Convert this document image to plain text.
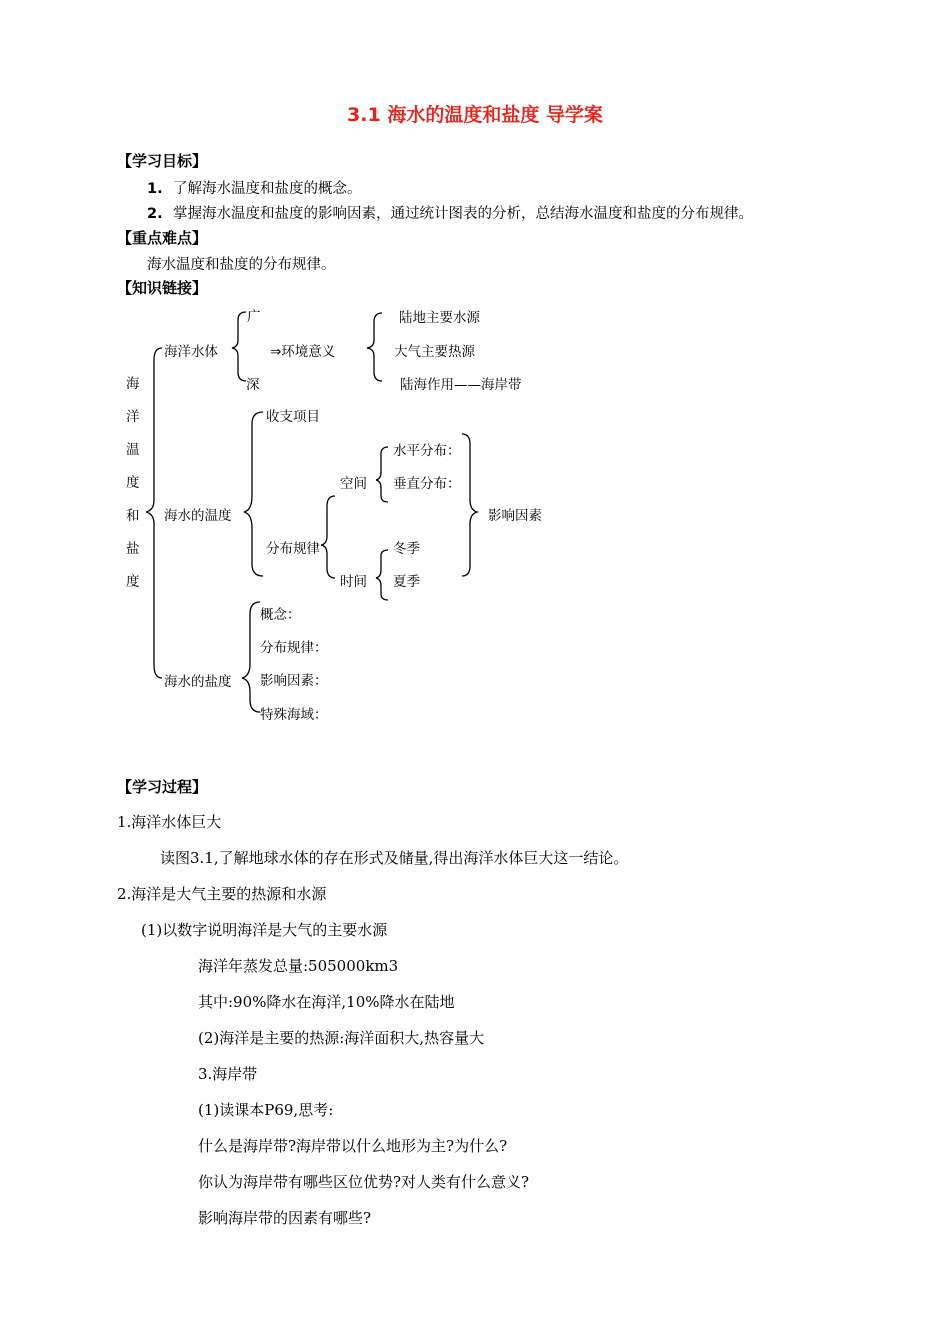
3.1 海水的温度和盐度 导学案
【学习目标】
1. 了解海水温度和盐度的概念。
2. 掌握海水温度和盐度的影响因素，通过统计图表的分析，总结海水温度和盐度的分布规律。
【重点难点】
海水温度和盐度的分布规律。
【知识链接】
海
洋
温
度
和
盐
度
海洋水体
广
深
⇒环境意义
陆地主要水源
大气主要热源
陆海作用——海岸带
海水的温度
收支项目
分布规律
空间
水平分布：
垂直分布：
时间
冬季
夏季
影响因素
海水的盐度
概念：
分布规律：
影响因素：
特殊海域：
【学习过程】
1.海洋水体巨大
读图3.1,了解地球水体的存在形式及储量,得出海洋水体巨大这一结论。
2.海洋是大气主要的热源和水源
(1)以数字说明海洋是大气的主要水源
海洋年蒸发总量:505000km3
其中:90%降水在海洋,10%降水在陆地
(2)海洋是主要的热源:海洋面积大,热容量大
3.海岸带
(1)读课本P69,思考:
什么是海岸带?海岸带以什么地形为主?为什么?
你认为海岸带有哪些区位优势?对人类有什么意义?
影响海岸带的因素有哪些?
